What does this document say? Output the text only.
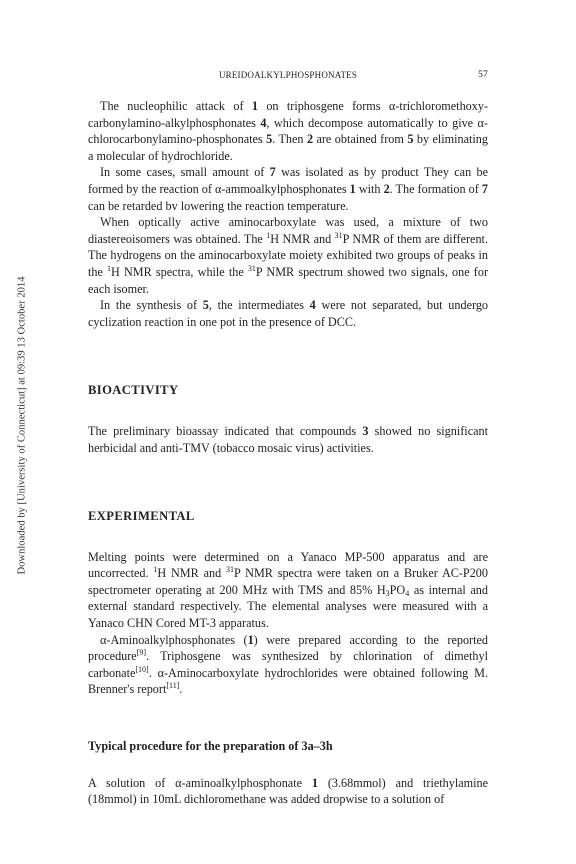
Downloaded by [University of Connecticut] at 09:39 13 October 2014
UREIDOALKYLPHOSPHONATES	57

The nucleophilic attack of 1 on triphosgene forms α-trichloromethoxy-carbonylamino-alkylphosphonates 4, which decompose automatically to give α-chlorocarbonylamino-phosphonates 5. Then 2 are obtained from 5 by eliminating a molecular of hydrochloride.

In some cases, small amount of 7 was isolated as by product They can be formed by the reaction of α-ammoalkylphosphonates 1 with 2. The formation of 7 can be retarded bv lowering the reaction temperature.

When optically active aminocarboxylate was used, a mixture of two diastereoisomers was obtained. The $^1$H NMR and $^{31}$P NMR of them are different. The hydrogens on the aminocarboxylate moiety exhibited two groups of peaks in the $^1$H NMR spectra, while the $^{31}$P NMR spectrum showed two signals, one for each isomer.

In the synthesis of 5, the intermediates 4 were not separated, but undergo cyclization reaction in one pot in the presence of DCC.

BIOACTIVITY

The preliminary bioassay indicated that compounds 3 showed no significant herbicidal and anti-TMV (tobacco mosaic virus) activities.

EXPERIMENTAL

Melting points were determined on a Yanaco MP-500 apparatus and are uncorrected. $^1$H NMR and $^{31}$P NMR spectra were taken on a Bruker AC-P200 spectrometer operating at 200 MHz with TMS and 85% $H_3PO_4$ as internal and external standard respectively. The elemental analyses were measured with a Yanaco CHN Cored MT-3 apparatus.

α-Aminoalkylphosphonates (1) were prepared according to the reported procedure[9]. Triphosgene was synthesized by chlorination of dimethyl carbonate[10]. α-Aminocarboxylate hydrochlorides were obtained following M. Brenner's report[11].

Typical procedure for the preparation of 3a–3h

A solution of α-aminoalkylphosphonate 1 (3.68mmol) and triethylamine (18mmol) in 10mL dichloromethane was added dropwise to a solution of
